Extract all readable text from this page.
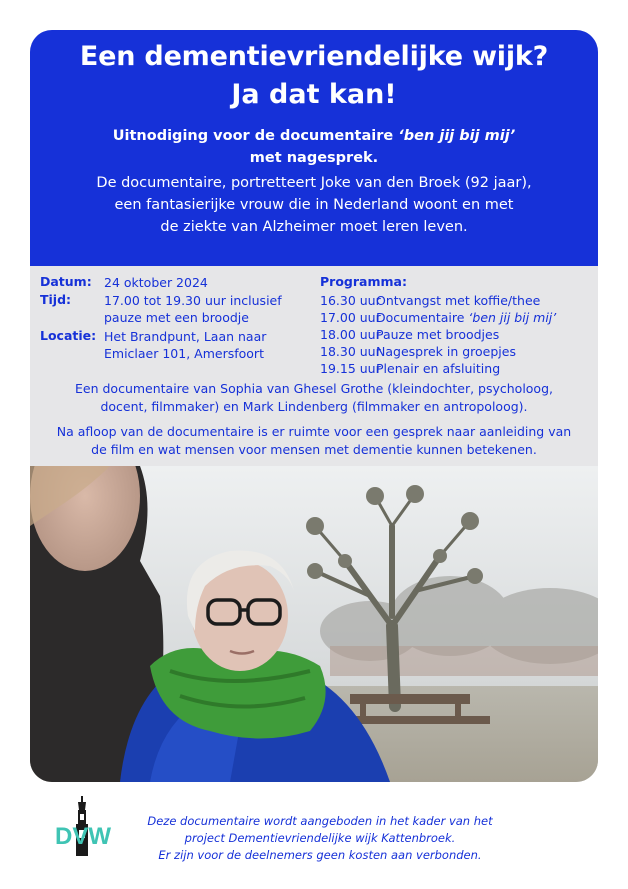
Een dementievriendelijke wijk?
Ja dat kan!
Uitnodiging voor de documentaire ‘ben jij bij mij’
met nagesprek.
De documentaire, portretteert Joke van den Broek (92 jaar),
een fantasierijke vrouw die in Nederland woont en met
de ziekte van Alzheimer moet leren leven.
Datum: 24 oktober 2024
Tijd:	17.00 tot 19.30 uur inclusief
pauze met een broodje
Locatie: Het Brandpunt, Laan naar
Emiclaer 101, Amersfoort
Programma:
16.30 uur
Ontvangst met koffie/thee
17.00 uur
Documentaire ‘ben jij bij mij’
18.00 uur
Pauze met broodjes
18.30 uur
Nagesprek in groepjes
19.15 uur
Plenair en afsluiting
Een documentaire van Sophia van Ghesel Grothe (kleindochter, psycholoog,
docent, filmmaker) en Mark Lindenberg (filmmaker en antropoloog).
Na afloop van de documentaire is er ruimte voor een gesprek naar aanleiding van
de film en wat mensen voor mensen met dementie kunnen betekenen.
DVW
Deze documentaire wordt aangeboden in het kader van het
project Dementievriendelijke wijk Kattenbroek.
Er zijn voor de deelnemers geen kosten aan verbonden.
